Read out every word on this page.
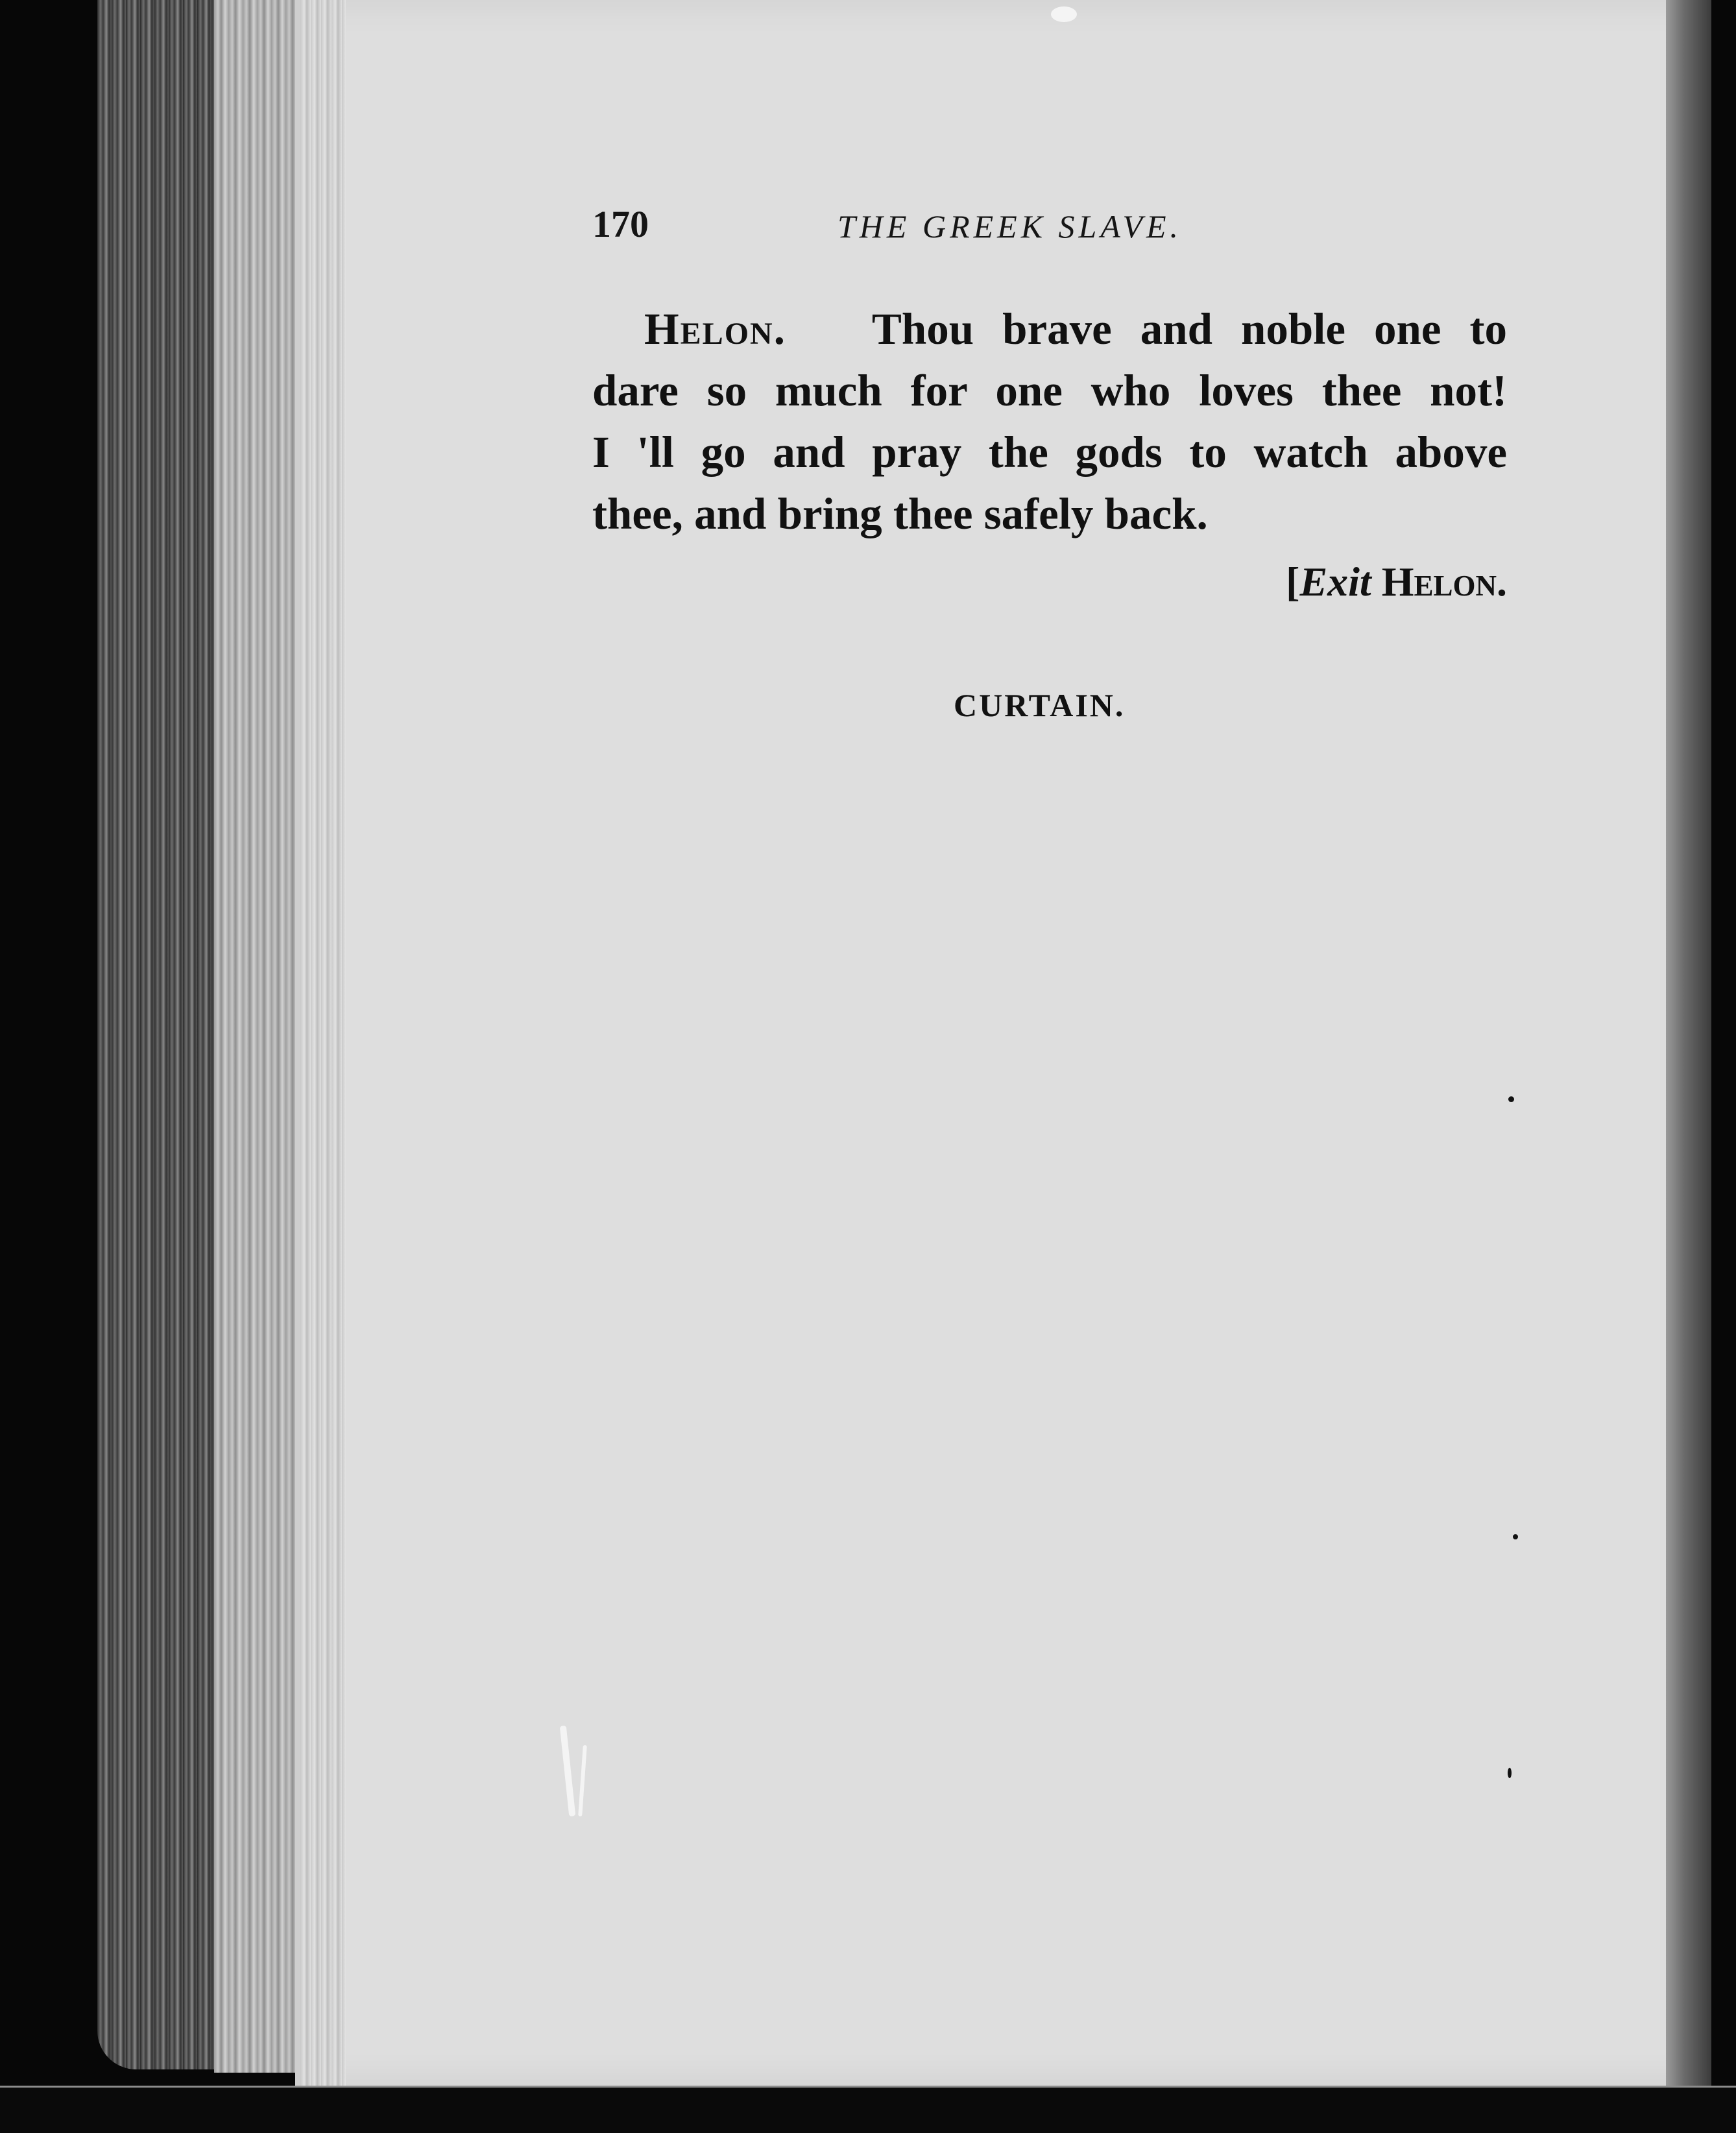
170	THE GREEK SLAVE.
Helon. Thou brave and noble one to
dare so much for one who loves thee not!
I 'll go and pray the gods to watch above
thee, and bring thee safely back.
[Exit Helon.
CURTAIN.
